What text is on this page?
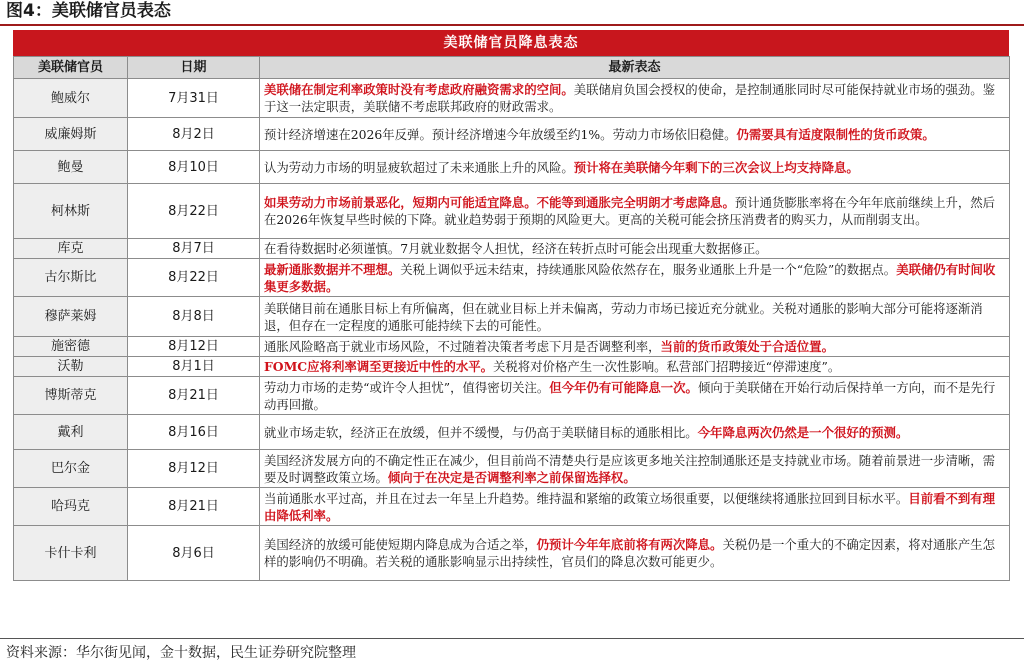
图4：美联储官员表态
美联储官员降息表态
美联储官员	日期	最新表态
鲍威尔	7月31日	美联储在制定利率政策时没有考虑政府融资需求的空间。美联储肩负国会授权的使命，是控制通胀同时尽可能保持就业市场的强劲。鉴于这一法定职责，美联储不考虑联邦政府的财政需求。
威廉姆斯	8月2日	预计经济增速在2026年反弹。预计经济增速今年放缓至约1%。劳动力市场依旧稳健。仍需要具有适度限制性的货币政策。
鲍曼	8月10日	认为劳动力市场的明显疲软超过了未来通胀上升的风险。预计将在美联储今年剩下的三次会议上均支持降息。
柯林斯	8月22日	如果劳动力市场前景恶化，短期内可能适宜降息。不能等到通胀完全明朗才考虑降息。预计通货膨胀率将在今年年底前继续上升，然后在2026年恢复早些时候的下降。就业趋势弱于预期的风险更大。更高的关税可能会挤压消费者的购买力，从而削弱支出。
库克	8月7日	在看待数据时必须谨慎。7月就业数据令人担忧，经济在转折点时可能会出现重大数据修正。
古尔斯比	8月22日	最新通胀数据并不理想。关税上调似乎远未结束，持续通胀风险依然存在，服务业通胀上升是一个“危险”的数据点。美联储仍有时间收集更多数据。
穆萨莱姆	8月8日	美联储目前在通胀目标上有所偏离，但在就业目标上并未偏离，劳动力市场已接近充分就业。关税对通胀的影响大部分可能将逐渐消退，但存在一定程度的通胀可能持续下去的可能性。
施密德	8月12日	通胀风险略高于就业市场风险，不过随着决策者考虑下月是否调整利率，当前的货币政策处于合适位置。
沃勒	8月1日	FOMC应将利率调至更接近中性的水平。关税将对价格产生一次性影响。私营部门招聘接近“停滞速度”。
博斯蒂克	8月21日	劳动力市场的走势“或许令人担忧”，值得密切关注。但今年仍有可能降息一次。倾向于美联储在开始行动后保持单一方向，而不是先行动再回撤。
戴利	8月16日	就业市场走软，经济正在放缓，但并不缓慢，与仍高于美联储目标的通胀相比。今年降息两次仍然是一个很好的预测。
巴尔金	8月12日	美国经济发展方向的不确定性正在减少，但目前尚不清楚央行是应该更多地关注控制通胀还是支持就业市场。随着前景进一步清晰，需要及时调整政策立场。倾向于在决定是否调整利率之前保留选择权。
哈玛克	8月21日	当前通胀水平过高，并且在过去一年呈上升趋势。维持温和紧缩的政策立场很重要，以便继续将通胀拉回到目标水平。目前看不到有理由降低利率。
卡什卡利	8月6日	美国经济的放缓可能使短期内降息成为合适之举，仍预计今年年底前将有两次降息。关税仍是一个重大的不确定因素，将对通胀产生怎样的影响仍不明确。若关税的通胀影响显示出持续性，官员们的降息次数可能更少。
资料来源：华尔街见闻，金十数据，民生证券研究院整理
